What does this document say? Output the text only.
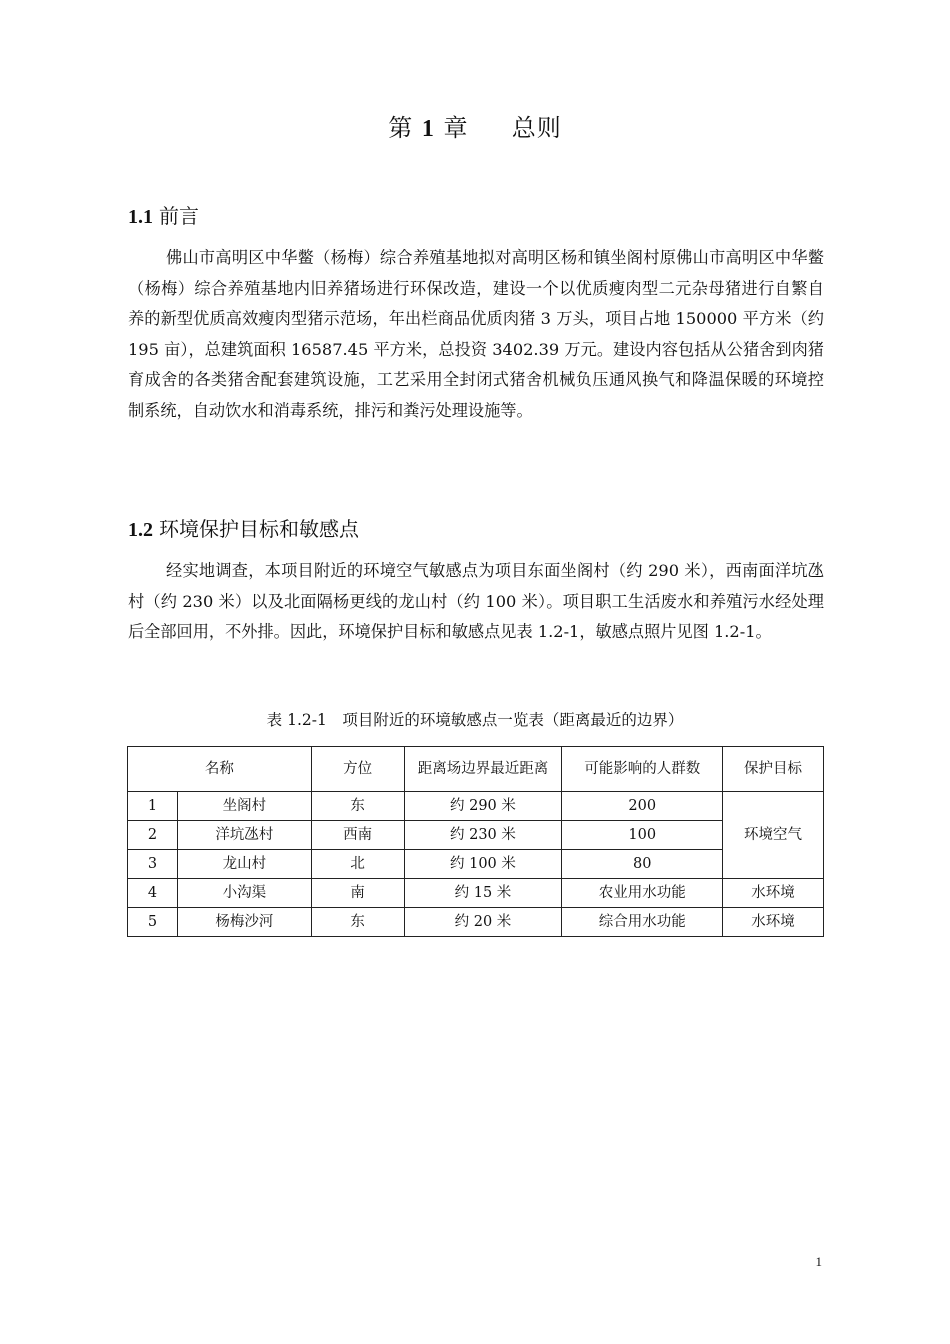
第 1 章 总则
1.1 前言

佛山市高明区中华鳖（杨梅）综合养殖基地拟对高明区杨和镇坐阁村原佛山市高明区中华鳖（杨梅）综合养殖基地内旧养猪场进行环保改造，建设一个以优质瘦肉型二元杂母猪进行自繁自养的新型优质高效瘦肉型猪示范场，年出栏商品优质肉猪 3 万头，项目占地 150000 平方米（约 195 亩），总建筑面积 16587.45 平方米，总投资 3402.39 万元。建设内容包括从公猪舍到肉猪育成舍的各类猪舍配套建筑设施，工艺采用全封闭式猪舍机械负压通风换气和降温保暖的环境控制系统，自动饮水和消毒系统，排污和粪污处理设施等。

1.2 环境保护目标和敏感点

经实地调查，本项目附近的环境空气敏感点为项目东面坐阁村（约 290 米），西南面洋坑氹村（约 230 米）以及北面隔杨更线的龙山村（约 100 米）。项目职工生活废水和养殖污水经处理后全部回用，不外排。因此，环境保护目标和敏感点见表 1.2-1，敏感点照片见图 1.2-1。

表 1.2-1　项目附近的环境敏感点一览表（距离最近的边界）
名称		方位	距离场边界最近距离	可能影响的人群数	保护目标
1	坐阁村	东	约 290 米	200	环境空气
2	洋坑氹村	西南	约 230 米	100	
3	龙山村	北	约 100 米	80	
4	小沟渠	南	约 15 米	农业用水功能	水环境
5	杨梅沙河	东	约 20 米	综合用水功能	水环境
1
